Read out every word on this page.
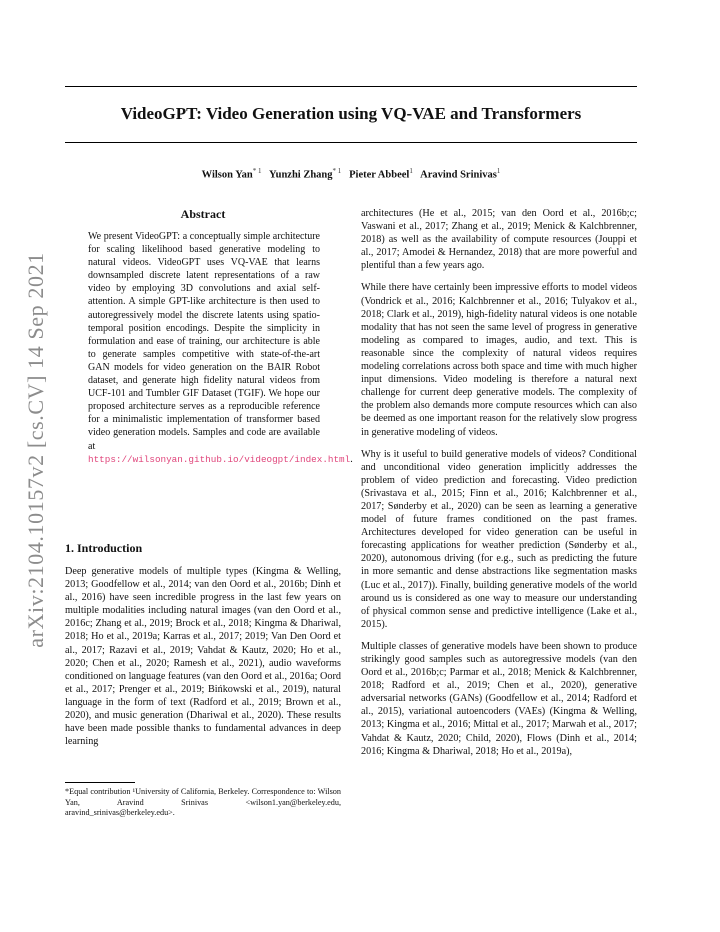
VideoGPT: Video Generation using VQ-VAE and Transformers
Wilson Yan$^{* 1}$ Yunzhi Zhang$^{* 1}$ Pieter Abbeel$^1$ Aravind Srinivas$^1$
arXiv:2104.10157v2 [cs.CV] 14 Sep 2021
Abstract
We present VideoGPT: a conceptually simple architecture for scaling likelihood based generative modeling to natural videos. VideoGPT uses VQ-VAE that learns downsampled discrete latent representations of a raw video by employing 3D convolutions and axial self-attention. A simple GPT-like architecture is then used to autoregressively model the discrete latents using spatio-temporal position encodings. Despite the simplicity in formulation and ease of training, our architecture is able to generate samples competitive with state-of-the-art GAN models for video generation on the BAIR Robot dataset, and generate high fidelity natural videos from UCF-101 and Tumbler GIF Dataset (TGIF). We hope our proposed architecture serves as a reproducible reference for a minimalistic implementation of transformer based video generation models. Samples and code are available at https://wilsonyan.github.io/videogpt/index.html.
1. Introduction

Deep generative models of multiple types (Kingma & Welling, 2013; Goodfellow et al., 2014; van den Oord et al., 2016b; Dinh et al., 2016) have seen incredible progress in the last few years on multiple modalities including natural images (van den Oord et al., 2016c; Zhang et al., 2019; Brock et al., 2018; Kingma & Dhariwal, 2018; Ho et al., 2019a; Karras et al., 2017; 2019; Van Den Oord et al., 2017; Razavi et al., 2019; Vahdat & Kautz, 2020; Ho et al., 2020; Chen et al., 2020; Ramesh et al., 2021), audio waveforms conditioned on language features (van den Oord et al., 2016a; Oord et al., 2017; Prenger et al., 2019; Bińkowski et al., 2019), natural language in the form of text (Radford et al., 2019; Brown et al., 2020), and music generation (Dhariwal et al., 2020). These results have been made possible thanks to fundamental advances in deep learning

*Equal contribution ¹University of California, Berkeley. Correspondence to: Wilson Yan, Aravind Srinivas <wilson1.yan@berkeley.edu, aravind_srinivas@berkeley.edu>.

architectures (He et al., 2015; van den Oord et al., 2016b;c; Vaswani et al., 2017; Zhang et al., 2019; Menick & Kalchbrenner, 2018) as well as the availability of compute resources (Jouppi et al., 2017; Amodei & Hernandez, 2018) that are more powerful and plentiful than a few years ago.

While there have certainly been impressive efforts to model videos (Vondrick et al., 2016; Kalchbrenner et al., 2016; Tulyakov et al., 2018; Clark et al., 2019), high-fidelity natural videos is one notable modality that has not seen the same level of progress in generative modeling as compared to images, audio, and text. This is reasonable since the complexity of natural videos requires modeling correlations across both space and time with much higher input dimensions. Video modeling is therefore a natural next challenge for current deep generative models. The complexity of the problem also demands more compute resources which can also be deemed as one important reason for the relatively slow progress in generative modeling of videos.

Why is it useful to build generative models of videos? Conditional and unconditional video generation implicitly addresses the problem of video prediction and forecasting. Video prediction (Srivastava et al., 2015; Finn et al., 2016; Kalchbrenner et al., 2017; Sønderby et al., 2020) can be seen as learning a generative model of future frames conditioned on the past frames. Architectures developed for video generation can be useful in forecasting applications for weather prediction (Sønderby et al., 2020), autonomous driving (for e.g., such as predicting the future in more semantic and dense abstractions like segmentation masks (Luc et al., 2017)). Finally, building generative models of the world around us is considered as one way to measure our understanding of physical common sense and predictive intelligence (Lake et al., 2015).

Multiple classes of generative models have been shown to produce strikingly good samples such as autoregressive models (van den Oord et al., 2016b;c; Parmar et al., 2018; Menick & Kalchbrenner, 2018; Radford et al., 2019; Chen et al., 2020), generative adversarial networks (GANs) (Goodfellow et al., 2014; Radford et al., 2015), variational autoencoders (VAEs) (Kingma & Welling, 2013; Kingma et al., 2016; Mittal et al., 2017; Marwah et al., 2017; Vahdat & Kautz, 2020; Child, 2020), Flows (Dinh et al., 2014; 2016; Kingma & Dhariwal, 2018; Ho et al., 2019a),
